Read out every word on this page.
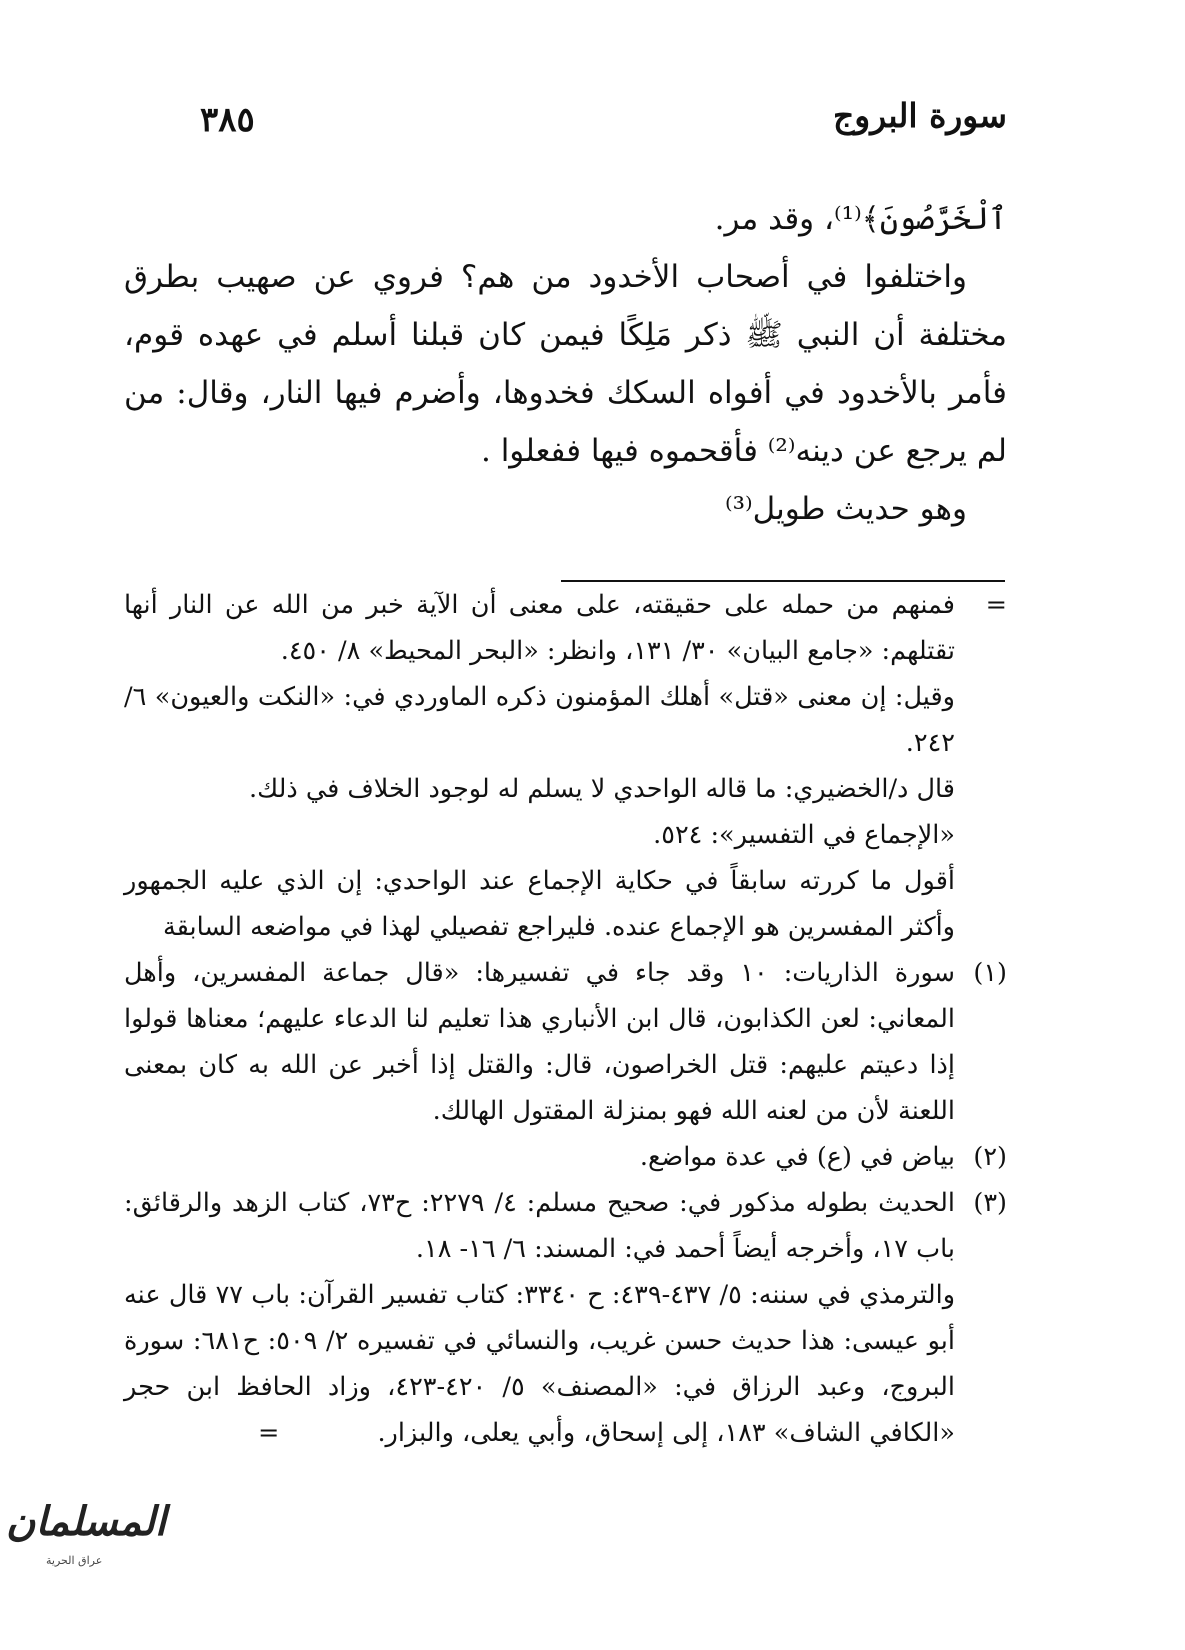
سورة البروج
٣٨٥

ٱلْخَرَّصُونَ﴾⁽¹⁾، وقد مر.

واختلفوا في أصحاب الأخدود من هم؟ فروي عن صهيب بطرق مختلفة أن النبي ﷺ ذكر مَلِكًا فيمن كان قبلنا أسلم في عهده قوم، فأمر بالأخدود في أفواه السكك فخدوها، وأضرم فيها النار، وقال: من لم يرجع عن دينه⁽²⁾ فأقحموه فيها ففعلوا .

وهو حديث طويل⁽³⁾

=

فمنهم من حمله على حقيقته، على معنى أن الآية خبر من الله عن النار أنها تقتلهم: «جامع البيان» ٣٠/ ١٣١، وانظر: «البحر المحيط» ٨/ ٤٥٠.

وقيل: إن معنى «قتل» أهلك المؤمنون ذكره الماوردي في: «النكت والعيون» ٦/ ٢٤٢.

قال د/الخضيري: ما قاله الواحدي لا يسلم له لوجود الخلاف في ذلك.

«الإجماع في التفسير»: ٥٢٤.

أقول ما كررته سابقاً في حكاية الإجماع عند الواحدي: إن الذي عليه الجمهور وأكثر المفسرين هو الإجماع عنده. فليراجع تفصيلي لهذا في مواضعه السابقة

(١)

سورة الذاريات: ١٠ وقد جاء في تفسيرها: «قال جماعة المفسرين، وأهل المعاني: لعن الكذابون، قال ابن الأنباري هذا تعليم لنا الدعاء عليهم؛ معناها قولوا إذا دعيتم عليهم: قتل الخراصون، قال: والقتل إذا أخبر عن الله به كان بمعنى اللعنة لأن من لعنه الله فهو بمنزلة المقتول الهالك.

(٢)

بياض في (ع) في عدة مواضع.

(٣)

الحديث بطوله مذكور في: صحيح مسلم: ٤/ ٢٢٧٩: ح٧٣، كتاب الزهد والرقائق: باب ١٧، وأخرجه أيضاً أحمد في: المسند: ٦/ ١٦- ١٨.

والترمذي في سننه: ٥/ ٤٣٧-٤٣٩: ح ٣٣٤٠: كتاب تفسير القرآن: باب ٧٧ قال عنه أبو عيسى: هذا حديث حسن غريب، والنسائي في تفسيره ٢/ ٥٠٩: ح٦٨١: سورة البروج، وعبد الرزاق في: «المصنف» ٥/ ٤٢٠-٤٢٣، وزاد الحافظ ابن حجر «الكافي الشاف» ١٨٣، إلى إسحاق، وأبي يعلى، والبزار. =

المسلمان
عراق الحرية
